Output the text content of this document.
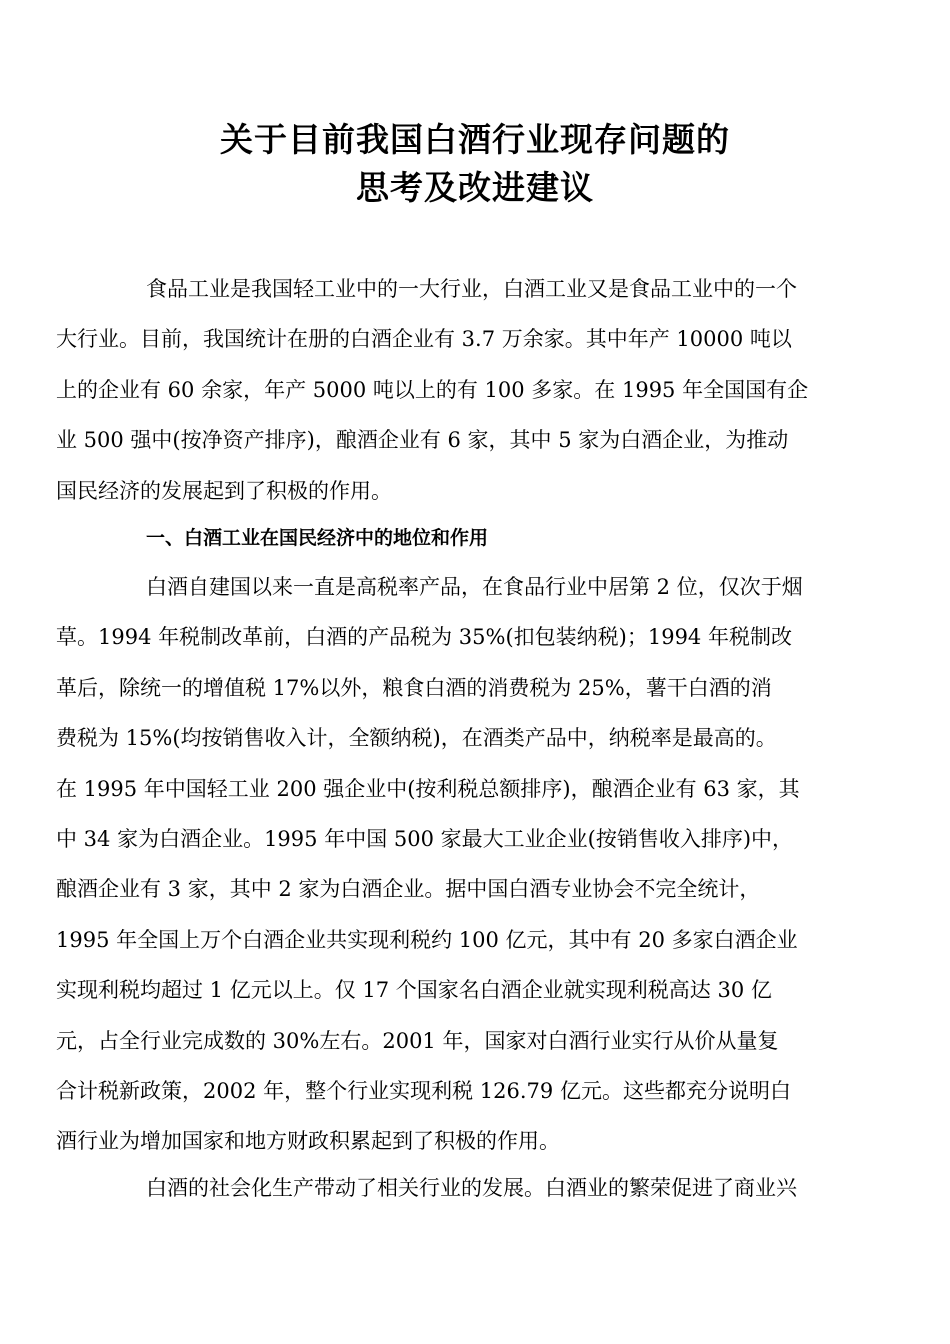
关于目前我国白酒行业现存问题的
思考及改进建议
食品工业是我国轻工业中的一大行业，白酒工业又是食品工业中的一个
大行业。目前，我国统计在册的白酒企业有 3.7 万余家。其中年产 10000 吨以
上的企业有 60 余家，年产 5000 吨以上的有 100 多家。在 1995 年全国国有企
业 500 强中(按净资产排序)，酿酒企业有 6 家，其中 5 家为白酒企业，为推动
国民经济的发展起到了积极的作用。
一、白酒工业在国民经济中的地位和作用
白酒自建国以来一直是高税率产品，在食品行业中居第 2 位，仅次于烟
草。1994 年税制改革前，白酒的产品税为 35%(扣包装纳税)；1994 年税制改
革后，除统一的增值税 17%以外，粮食白酒的消费税为 25%，薯干白酒的消
费税为 15%(均按销售收入计，全额纳税)，在酒类产品中，纳税率是最高的。
在 1995 年中国轻工业 200 强企业中(按利税总额排序)，酿酒企业有 63 家，其
中 34 家为白酒企业。1995 年中国 500 家最大工业企业(按销售收入排序)中，
酿酒企业有 3 家，其中 2 家为白酒企业。据中国白酒专业协会不完全统计，
1995 年全国上万个白酒企业共实现利税约 100 亿元，其中有 20 多家白酒企业
实现利税均超过 1 亿元以上。仅 17 个国家名白酒企业就实现利税高达 30 亿
元，占全行业完成数的 30%左右。2001 年，国家对白酒行业实行从价从量复
合计税新政策，2002 年，整个行业实现利税 126.79 亿元。这些都充分说明白
酒行业为增加国家和地方财政积累起到了积极的作用。
白酒的社会化生产带动了相关行业的发展。白酒业的繁荣促进了商业兴
